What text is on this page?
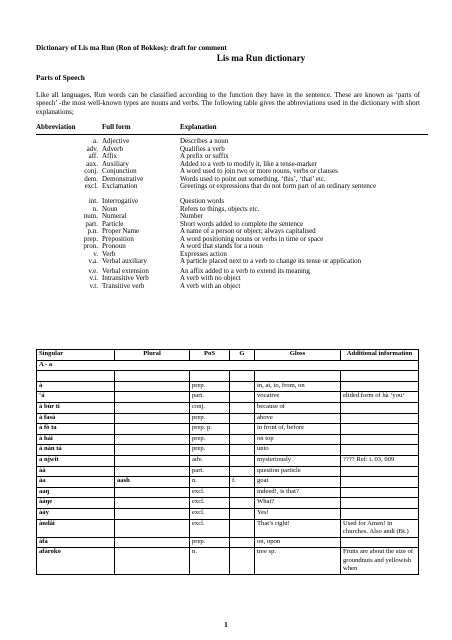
Dictionary of Lis ma Run (Ron of Bokkos): draft for comment
Lis ma Run dictionary
Parts of Speech
Like all languages, Run words can be classified according to the function they have in the sentence. These are known as ‘parts of speech’ -the most well-known types are nouns and verbs. The following table gives the abbreviations used in the dictionary with short explanations;
Abbreviation	Full form	Explanation
a. Adjective	Describes a noun
adv. Adverb	Qualifies a verb
aff. Affix	A prefix or suffix
aux. Auxiliary	Added to a verb to modify it, like a tense-marker
conj. Conjunction	A word used to join two or more nouns, verbs or clauses
dem. Demonstrative	Words used to point out something. ‘this’, ‘that’ etc.
excl. Exclamation	Greetings or expressions that do not form part of an ordinary sentence
int. Interrogative	Question words
n. Noun	Refers to things, objects etc.
num. Numeral	Number
part. Particle	Short words added to complete the sentence
p.n. Proper Name	A name of a person or object; always capitalised
prep. Preposition	A word positioning nouns or verbs in time or space
pron. Pronoun	A word that stands for a noun
v. Verb	Expresses action
v.a. Verbal auxiliary	A particle placed next to a verb to change its tense or application
v.e. Verbal extension	An affix added to a verb to extend its meaning
v.i. Intransitive Verb	A verb with no object
v.t. Transitive verb	A verb with an object
Singular	Plural	PoS	G	Gloss	Additional information
A - a					

à		prep.		in, at, to, from, on	
‘á		part.		vocative	elided form of hà ‘you’
á bùr tí		conj.		because of	
á fasà		prep.		above	
á fò ta		prep. p.		in front of, before	
á hái		prep.		on top	
á nàn tá		prep.		unto	
a njwít		adv.		mysteriously	???? Ref: t. 03, 009
àà		part.		question particle	
àa	aash	n.	f.	goat	
aaŋ		excl.		indeed!, is that?	
ààŋe		excl.		What?	
àày		excl.		Yes!	
àndâi		excl.		That’s right!	Used for Amen! in churches. Also andi (Bt.)
áfá		prep.		on, upon	
afàroko		n.		tree sp.	Fruits are about the size of groundnuts and yellowish when
1
